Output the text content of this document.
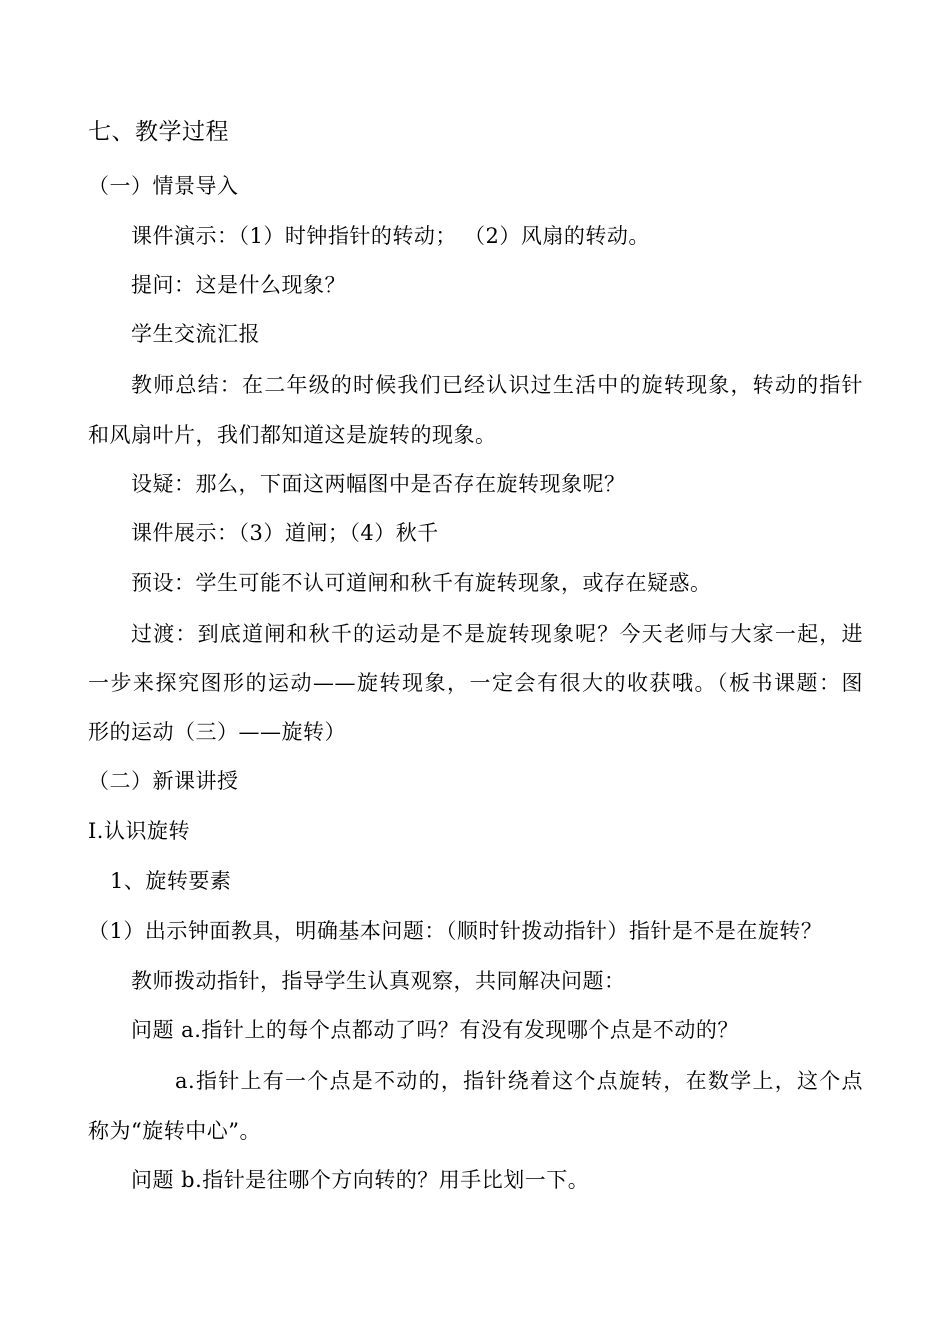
七、教学过程
（一）情景导入
课件演示：（1）时钟指针的转动； （2）风扇的转动。
提问：这是什么现象？
学生交流汇报
教师总结：在二年级的时候我们已经认识过生活中的旋转现象，转动的指针
和风扇叶片，我们都知道这是旋转的现象。
设疑：那么，下面这两幅图中是否存在旋转现象呢？
课件展示：（3）道闸；（4）秋千
预设：学生可能不认可道闸和秋千有旋转现象，或存在疑惑。
过渡：到底道闸和秋千的运动是不是旋转现象呢？今天老师与大家一起，进
一步来探究图形的运动——旋转现象，一定会有很大的收获哦。（板书课题：图
形的运动（三）——旋转）
（二）新课讲授
Ⅰ.认识旋转
1、旋转要素
（1）出示钟面教具，明确基本问题：（顺时针拨动指针）指针是不是在旋转？
教师拨动指针，指导学生认真观察，共同解决问题：
问题 a.指针上的每个点都动了吗？有没有发现哪个点是不动的？
a.指针上有一个点是不动的，指针绕着这个点旋转，在数学上，这个点
称为“旋转中心”。
问题 b.指针是往哪个方向转的？用手比划一下。
